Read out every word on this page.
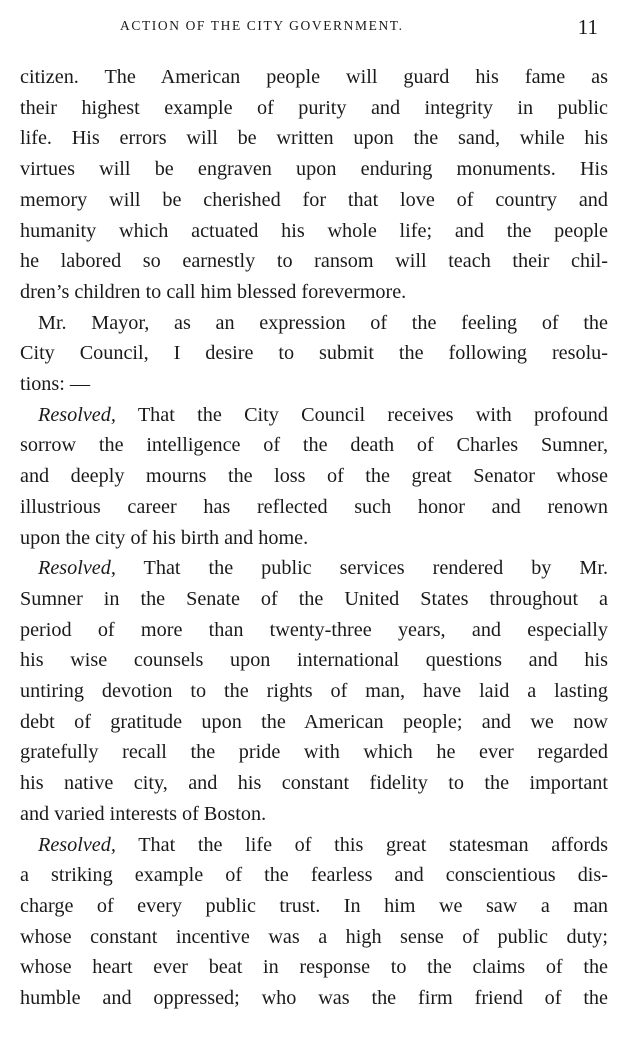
ACTION OF THE CITY GOVERNMENT.	11
citizen. The American people will guard his fame as
their highest example of purity and integrity in public
life. His errors will be written upon the sand, while his
virtues will be engraven upon enduring monuments. His
memory will be cherished for that love of country and
humanity which actuated his whole life; and the people
he labored so earnestly to ransom will teach their chil-
dren’s children to call him blessed forevermore.
Mr. Mayor, as an expression of the feeling of the
City Council, I desire to submit the following resolu-
tions: —
Resolved, That the City Council receives with profound
sorrow the intelligence of the death of Charles Sumner,
and deeply mourns the loss of the great Senator whose
illustrious career has reflected such honor and renown
upon the city of his birth and home.
Resolved, That the public services rendered by Mr.
Sumner in the Senate of the United States throughout a
period of more than twenty-three years, and especially
his wise counsels upon international questions and his
untiring devotion to the rights of man, have laid a lasting
debt of gratitude upon the American people; and we now
gratefully recall the pride with which he ever regarded
his native city, and his constant fidelity to the important
and varied interests of Boston.
Resolved, That the life of this great statesman affords
a striking example of the fearless and conscientious dis-
charge of every public trust. In him we saw a man
whose constant incentive was a high sense of public duty;
whose heart ever beat in response to the claims of the
humble and oppressed; who was the firm friend of the
